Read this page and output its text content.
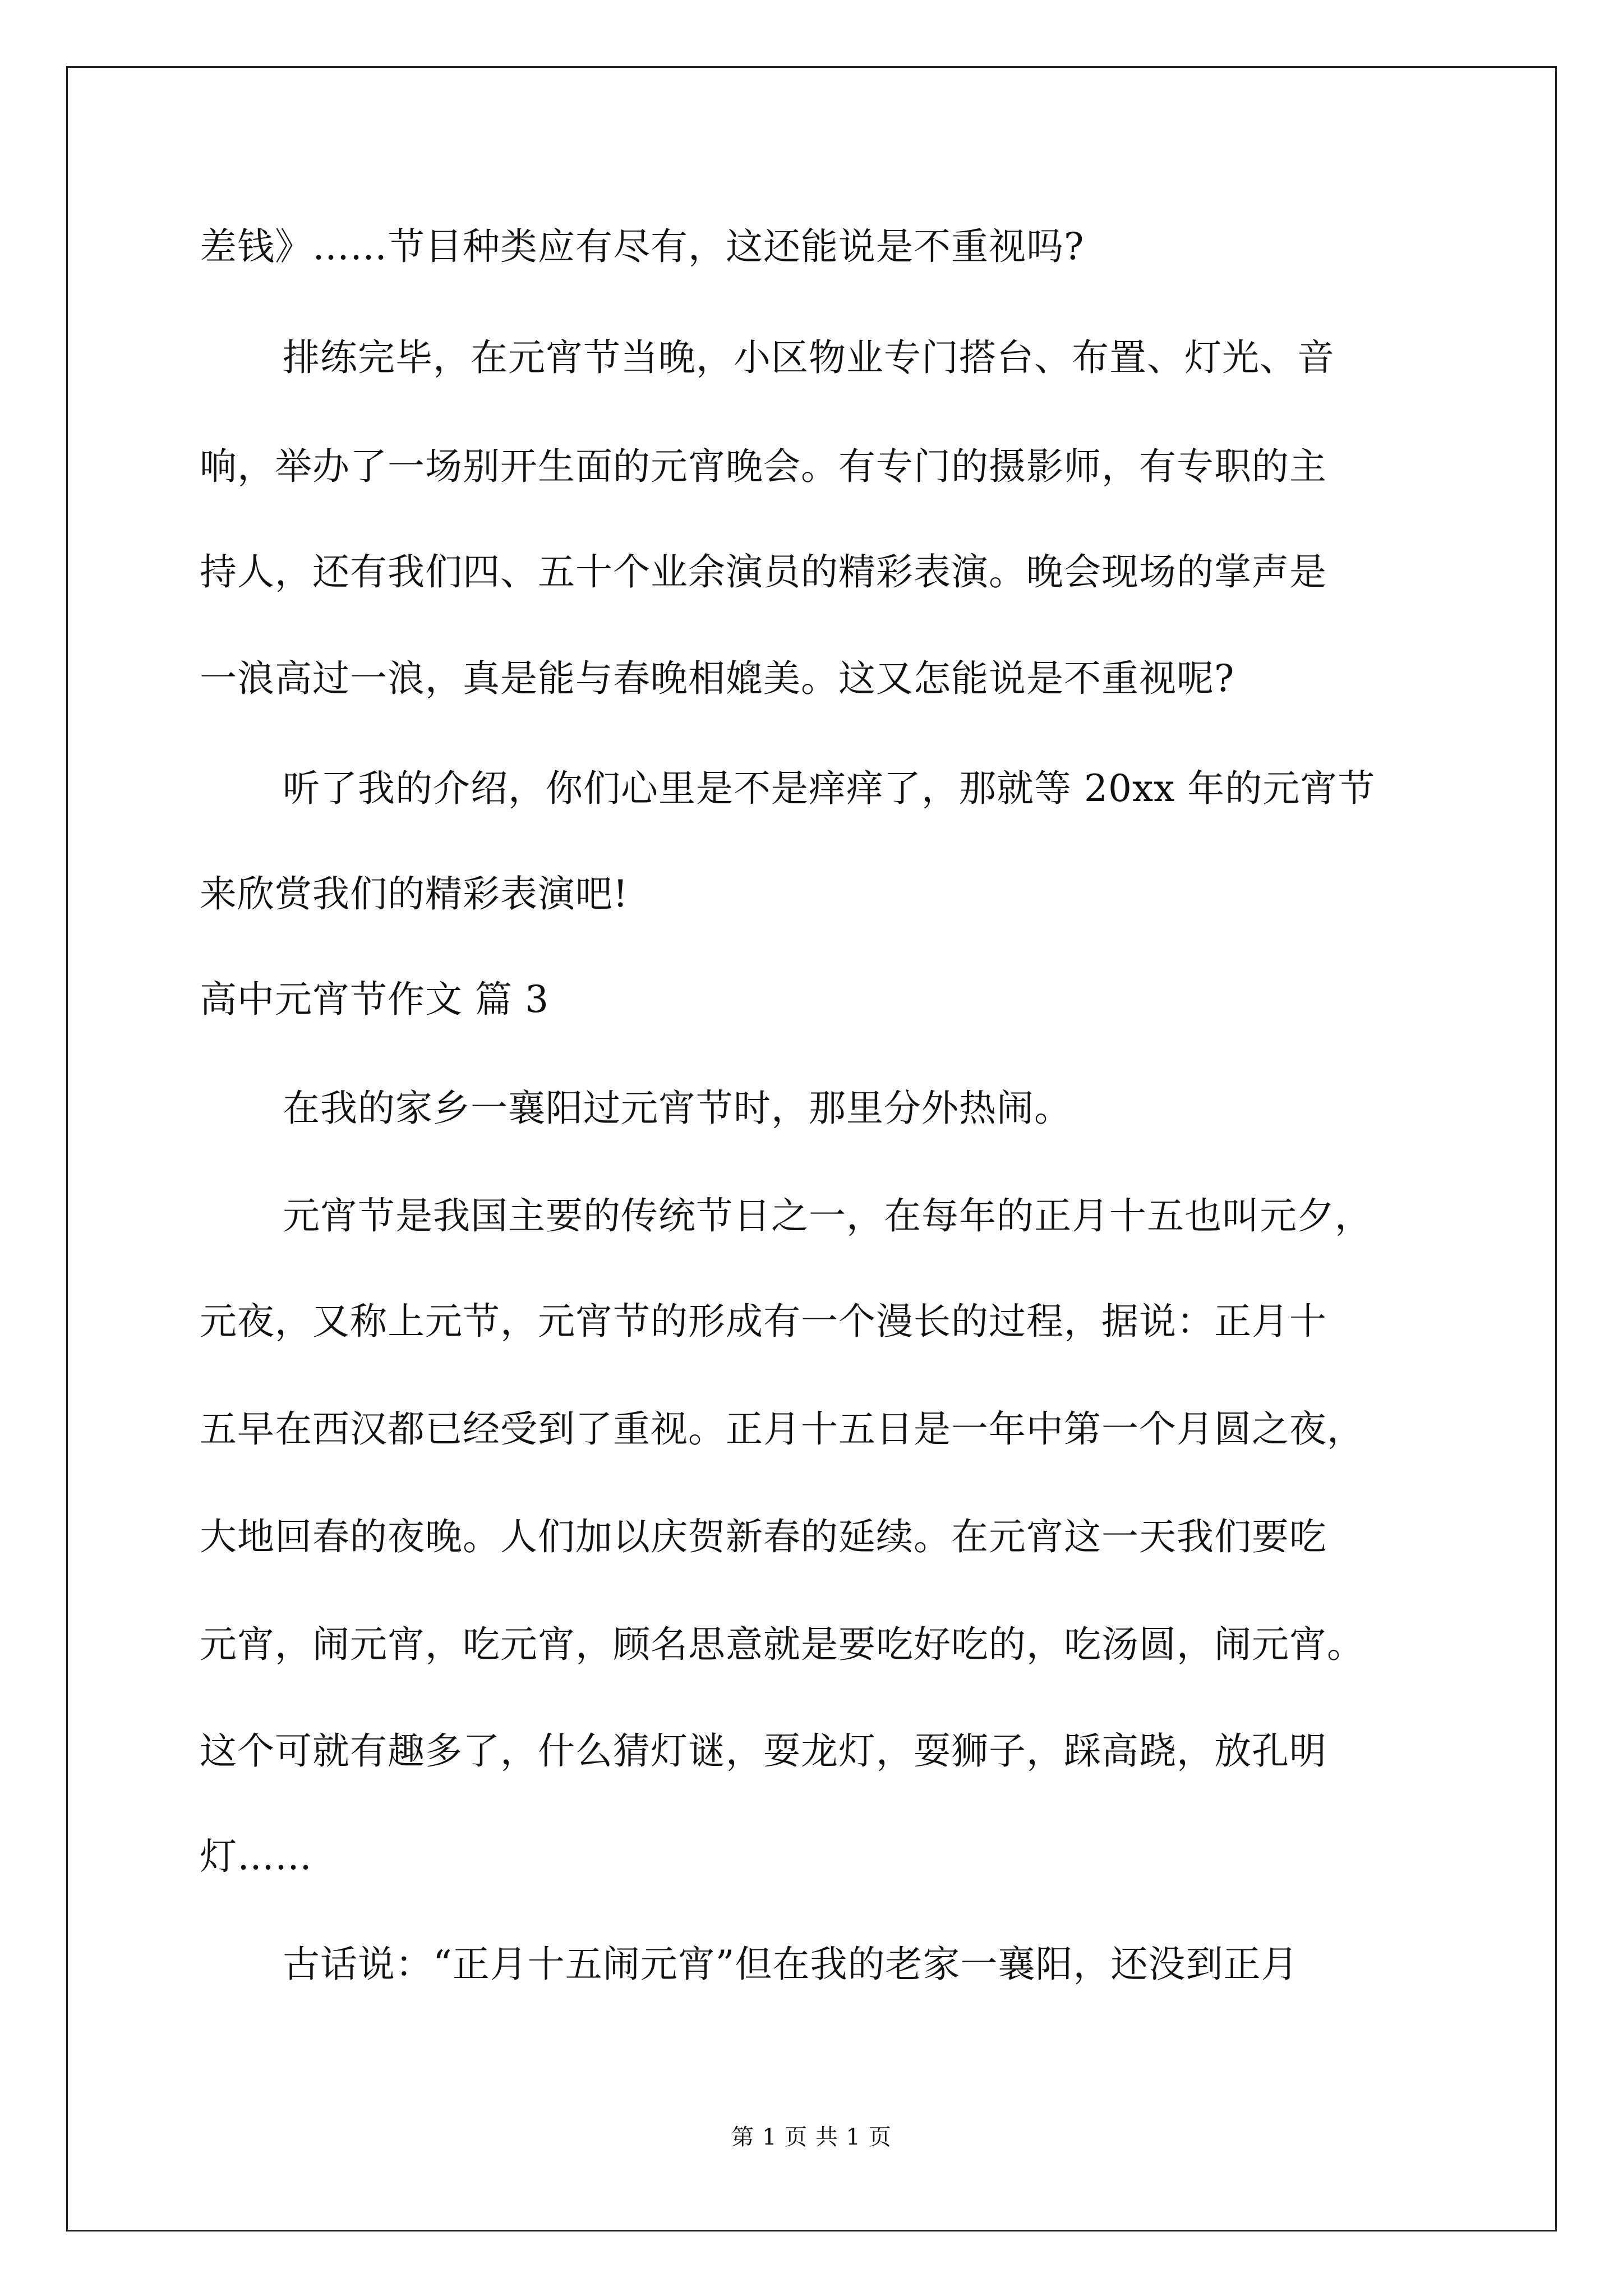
差钱》……节目种类应有尽有，这还能说是不重视吗?
排练完毕，在元宵节当晚，小区物业专门搭台、布置、灯光、音
响，举办了一场别开生面的元宵晚会。有专门的摄影师，有专职的主
持人，还有我们四、五十个业余演员的精彩表演。晚会现场的掌声是
一浪高过一浪，真是能与春晚相媲美。这又怎能说是不重视呢?
听了我的介绍，你们心里是不是痒痒了，那就等 20xx 年的元宵节
来欣赏我们的精彩表演吧!
高中元宵节作文 篇 3
在我的家乡一襄阳过元宵节时，那里分外热闹。
元宵节是我国主要的传统节日之一，在每年的正月十五也叫元夕，
元夜，又称上元节，元宵节的形成有一个漫长的过程，据说：正月十
五早在西汉都已经受到了重视。正月十五日是一年中第一个月圆之夜，
大地回春的夜晚。人们加以庆贺新春的延续。在元宵这一天我们要吃
元宵，闹元宵，吃元宵，顾名思意就是要吃好吃的，吃汤圆，闹元宵。
这个可就有趣多了，什么猜灯谜，耍龙灯，耍狮子，踩高跷，放孔明
灯……
古话说：“正月十五闹元宵”但在我的老家一襄阳，还没到正月
第 1 页 共 1 页
